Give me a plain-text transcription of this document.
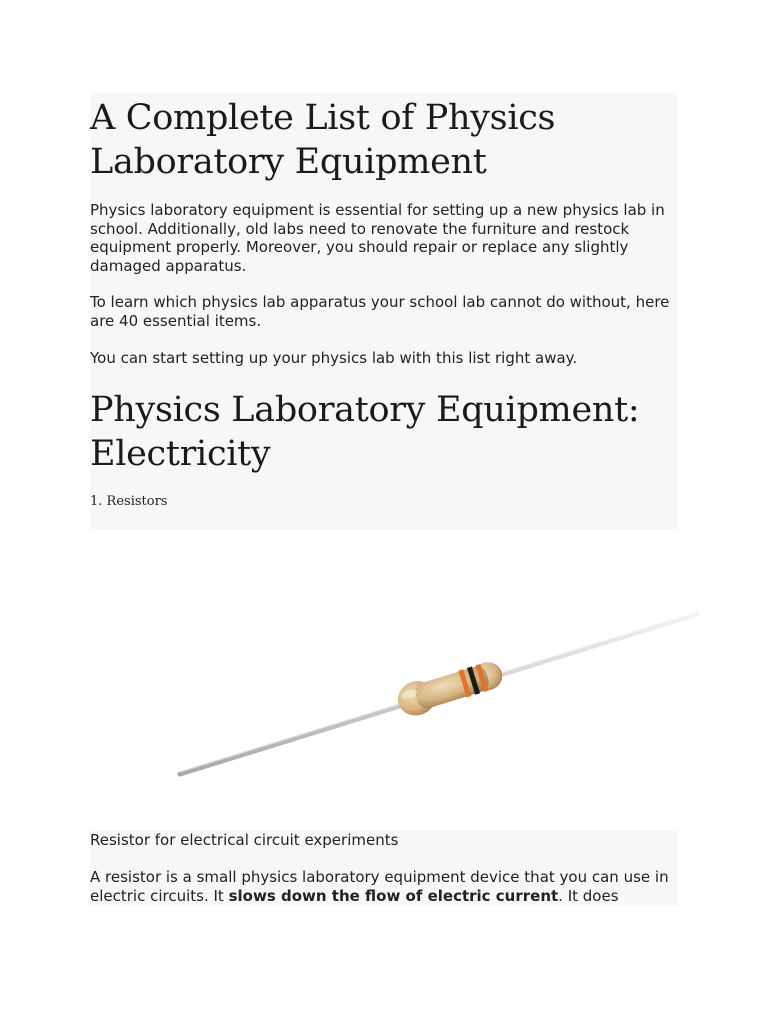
A Complete List of Physics Laboratory Equipment

Physics laboratory equipment is essential for setting up a new physics lab in school. Additionally, old labs need to renovate the furniture and restock equipment properly. Moreover, you should repair or replace any slightly damaged apparatus.

To learn which physics lab apparatus your school lab cannot do without, here are 40 essential items.

You can start setting up your physics lab with this list right away.

Physics Laboratory Equipment: Electricity
1. Resistors
Resistor for electrical circuit experiments

A resistor is a small physics laboratory equipment device that you can use in electric circuits. It slows down the flow of electric current. It does
